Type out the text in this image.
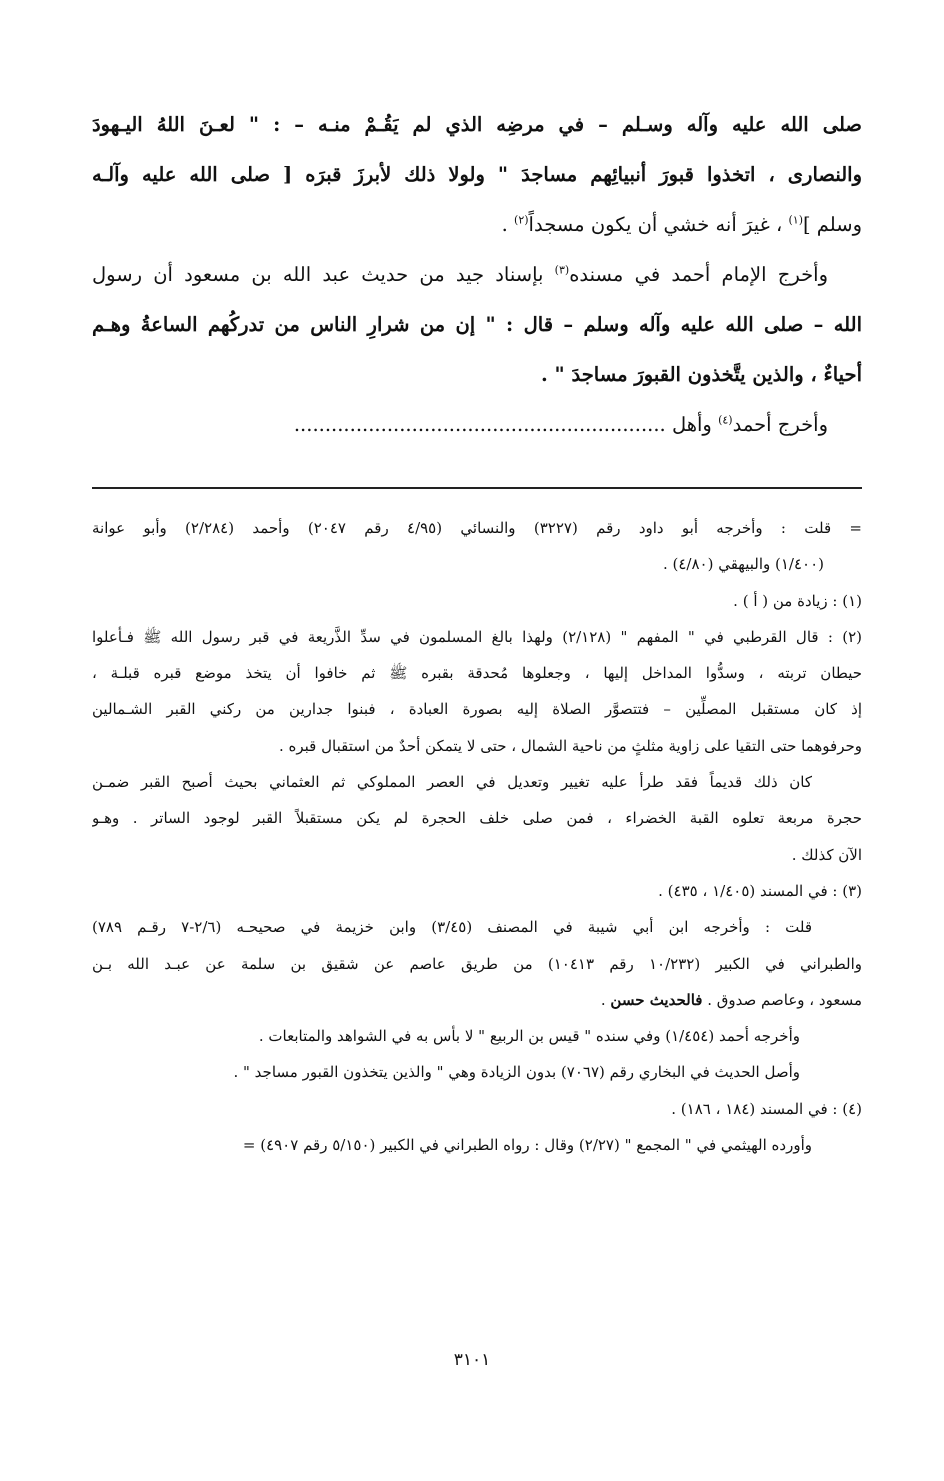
صلى الله عليه وآله وسـلم – في مرضِه الذي لم يَقُـمْ منـه – : " لعـنَ اللهُ اليـهودَ
والنصارى ، اتخذوا قبورَ أنبيائِهم مساجدَ " ولولا ذلك لأبرزَ قبرَه [ صلى الله عليه وآلـه
وسلم ]$^{(١)}$ ، غيرَ أنه خشي أن يكون مسجداً$^{(٢)}$ .
وأخرج الإمام أحمد في مسنده$^{(٣)}$ بإسناد جيد من حديث عبد الله بن مسعود أن رسول
الله – صلى الله عليه وآله وسلم – قال : " إن من شرارِ الناس من تدركُهم الساعةُ وهـم
أحياءٌ ، والذين يتَّخذون القبورَ مساجدَ " .
وأخرج أحمد$^{(٤)}$ وأهل ............................................................
= قلت : وأخرجه أبو داود رقم (٣٢٢٧) والنسائي (٤/٩٥ رقم ٢٠٤٧) وأحمد (٢/٢٨٤) وأبو عوانة
(١/٤٠٠) والبيهقي (٤/٨٠) .
(١) : زيادة من ( أ ) .
(٢) : قال القرطبي في " المفهم " (٢/١٢٨) ولهذا بالغ المسلمون في سدِّ الذَّريعة في قبر رسول الله ﷺ فـأعلوا
حيطان تربته ، وسدُّوا المداخل إليها ، وجعلوها مُحدقة بقبره ﷺ ثم خافوا أن يتخذ موضع قبره قبلـة ،
إذ كان مستقبل المصلِّين – فتتصوَّر الصلاة إليه بصورة العبادة ، فبنوا جدارين من ركني القبر الشـمالين
وحرفوهما حتى التقيا على زاوية مثلثٍ من ناحية الشمال ، حتى لا يتمكن أحدٌ من استقبال قبره .
كان ذلك قديماً فقد طرأ عليه تغيير وتعديل في العصر المملوكي ثم العثماني بحيث أصبح القبر ضمـن
حجرة مربعة تعلوه القبة الخضراء ، فمن صلى خلف الحجرة لم يكن مستقبلاً القبر لوجود الساتر . وهـو
الآن كذلك .
(٣) : في المسند (١/٤٠٥ ، ٤٣٥) .
قلت : وأخرجه ابن أبي شيبة في المصنف (٣/٤٥) وابن خزيمة في صحيحـه (٢/٦-٧ رقـم ٧٨٩)
والطبراني في الكبير (١٠/٢٣٢ رقم ١٠٤١٣) من طريق عاصم عن شقيق بن سلمة عن عبـد الله بـن
مسعود ، وعاصم صدوق . فالحديث حسن .
وأخرجه أحمد (١/٤٥٤) وفي سنده " قيس بن الربيع " لا بأس به في الشواهد والمتابعات .
وأصل الحديث في البخاري رقم (٧٠٦٧) بدون الزيادة وهي " والذين يتخذون القبور مساجد " .
(٤) : في المسند (١٨٤ ، ١٨٦) .
وأورده الهيثمي في " المجمع " (٢/٢٧) وقال : رواه الطبراني في الكبير (٥/١٥٠ رقم ٤٩٠٧) =
٣١٠١
